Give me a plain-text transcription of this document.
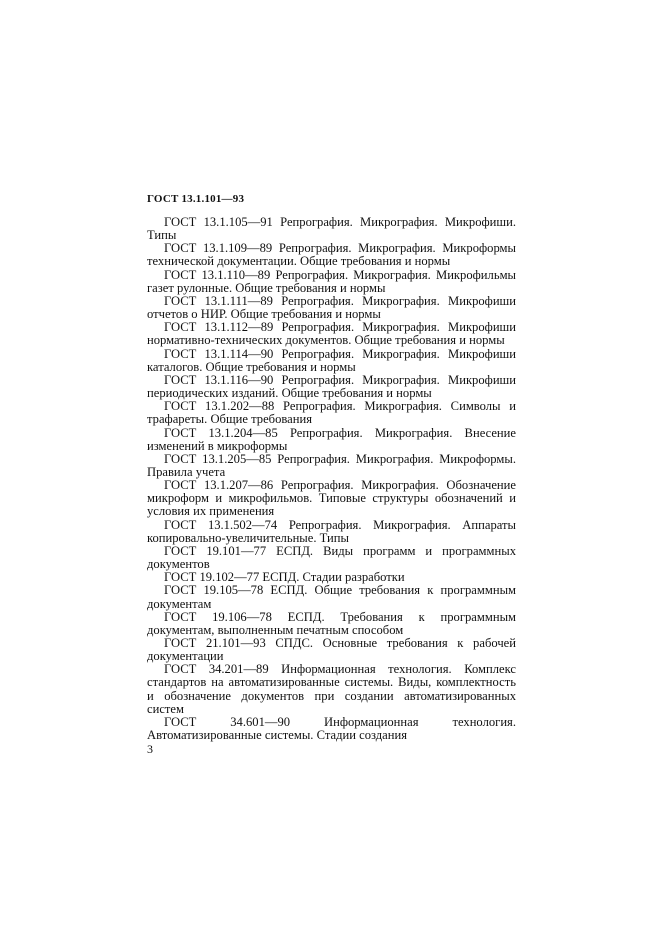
ГОСТ 13.1.101—93

ГОСТ 13.1.105—91 Репрография. Микрография. Микрофиши. Типы

ГОСТ 13.1.109—89 Репрография. Микрография. Микроформы технической документации. Общие требования и нормы

ГОСТ 13.1.110—89 Репрография. Микрография. Микрофильмы газет рулонные. Общие требования и нормы

ГОСТ 13.1.111—89 Репрография. Микрография. Микрофиши отчетов о НИР. Общие требования и нормы

ГОСТ 13.1.112—89 Репрография. Микрография. Микрофиши нормативно-технических документов. Общие требования и нормы

ГОСТ 13.1.114—90 Репрография. Микрография. Микрофиши каталогов. Общие требования и нормы

ГОСТ 13.1.116—90 Репрография. Микрография. Микрофиши периодических изданий. Общие требования и нормы

ГОСТ 13.1.202—88 Репрография. Микрография. Символы и трафареты. Общие требования

ГОСТ 13.1.204—85 Репрография. Микрография. Внесение изменений в микроформы

ГОСТ 13.1.205—85 Репрография. Микрография. Микроформы. Правила учета

ГОСТ 13.1.207—86 Репрография. Микрография. Обозначение микроформ и микрофильмов. Типовые структуры обозначений и условия их применения

ГОСТ 13.1.502—74 Репрография. Микрография. Аппараты копировально-увеличительные. Типы

ГОСТ 19.101—77 ЕСПД. Виды программ и программных документов

ГОСТ 19.102—77 ЕСПД. Стадии разработки

ГОСТ 19.105—78 ЕСПД. Общие требования к программным документам

ГОСТ 19.106—78 ЕСПД. Требования к программным документам, выполненным печатным способом

ГОСТ 21.101—93 СПДС. Основные требования к рабочей документации

ГОСТ 34.201—89 Информационная технология. Комплекс стандартов на автоматизированные системы. Виды, комплектность и обозначение документов при создании автоматизированных систем

ГОСТ 34.601—90 Информационная технология. Автоматизированные системы. Стадии создания

3
